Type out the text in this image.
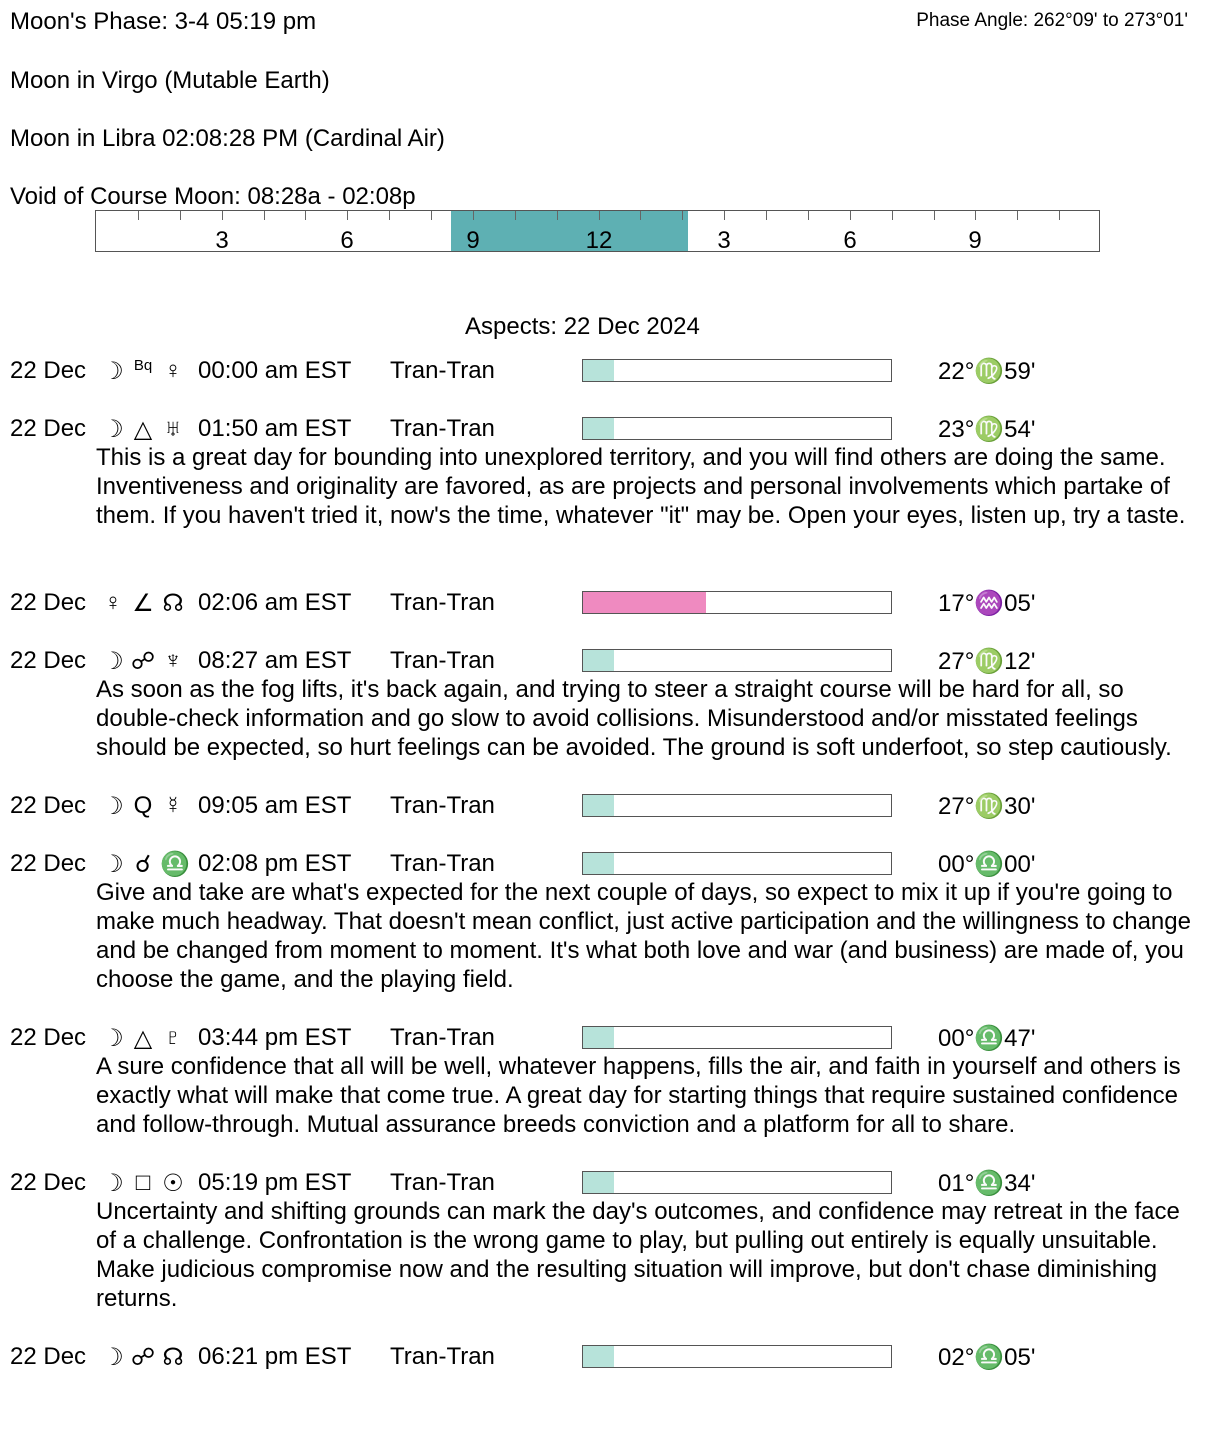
Moon's Phase: 3-4 05:19 pm	Phase Angle: 262°09' to 273°01'
Moon in Virgo (Mutable Earth)
Moon in Libra 02:08:28 PM (Cardinal Air)
Void of Course Moon: 08:28a - 02:08p
3	6	9	12	3	6	9
Aspects: 22 Dec 2024
22 Dec ☽ Bq ♀ 00:00 am EST Tran-Tran	22°♍59'
22 Dec ☽ △ ♅ 01:50 am EST Tran-Tran	23°♍54'
This is a great day for bounding into unexplored territory, and you will find others are doing the same. Inventiveness and originality are favored, as are projects and personal involvements which partake of them. If you haven't tried it, now's the time, whatever "it" may be. Open your eyes, listen up, try a taste.
22 Dec ♀ ∠ ☊ 02:06 am EST Tran-Tran	17°♒05'
22 Dec ☽ ☍ ♆ 08:27 am EST Tran-Tran	27°♍12'
As soon as the fog lifts, it's back again, and trying to steer a straight course will be hard for all, so double-check information and go slow to avoid collisions. Misunderstood and/or misstated feelings should be expected, so hurt feelings can be avoided. The ground is soft underfoot, so step cautiously.
22 Dec ☽ Q ☿ 09:05 am EST Tran-Tran	27°♍30'
22 Dec ☽ ☌ ♎ 02:08 pm EST Tran-Tran	00°♎00'
Give and take are what's expected for the next couple of days, so expect to mix it up if you're going to make much headway. That doesn't mean conflict, just active participation and the willingness to change and be changed from moment to moment. It's what both love and war (and business) are made of, you choose the game, and the playing field.
22 Dec ☽ △ ♇ 03:44 pm EST Tran-Tran	00°♎47'
A sure confidence that all will be well, whatever happens, fills the air, and faith in yourself and others is exactly what will make that come true. A great day for starting things that require sustained confidence and follow-through. Mutual assurance breeds conviction and a platform for all to share.
22 Dec ☽ □ ☉ 05:19 pm EST Tran-Tran	01°♎34'
Uncertainty and shifting grounds can mark the day's outcomes, and confidence may retreat in the face of a challenge. Confrontation is the wrong game to play, but pulling out entirely is equally unsuitable. Make judicious compromise now and the resulting situation will improve, but don't chase diminishing returns.
22 Dec ☽ ☍ ☊ 06:21 pm EST Tran-Tran	02°♎05'
